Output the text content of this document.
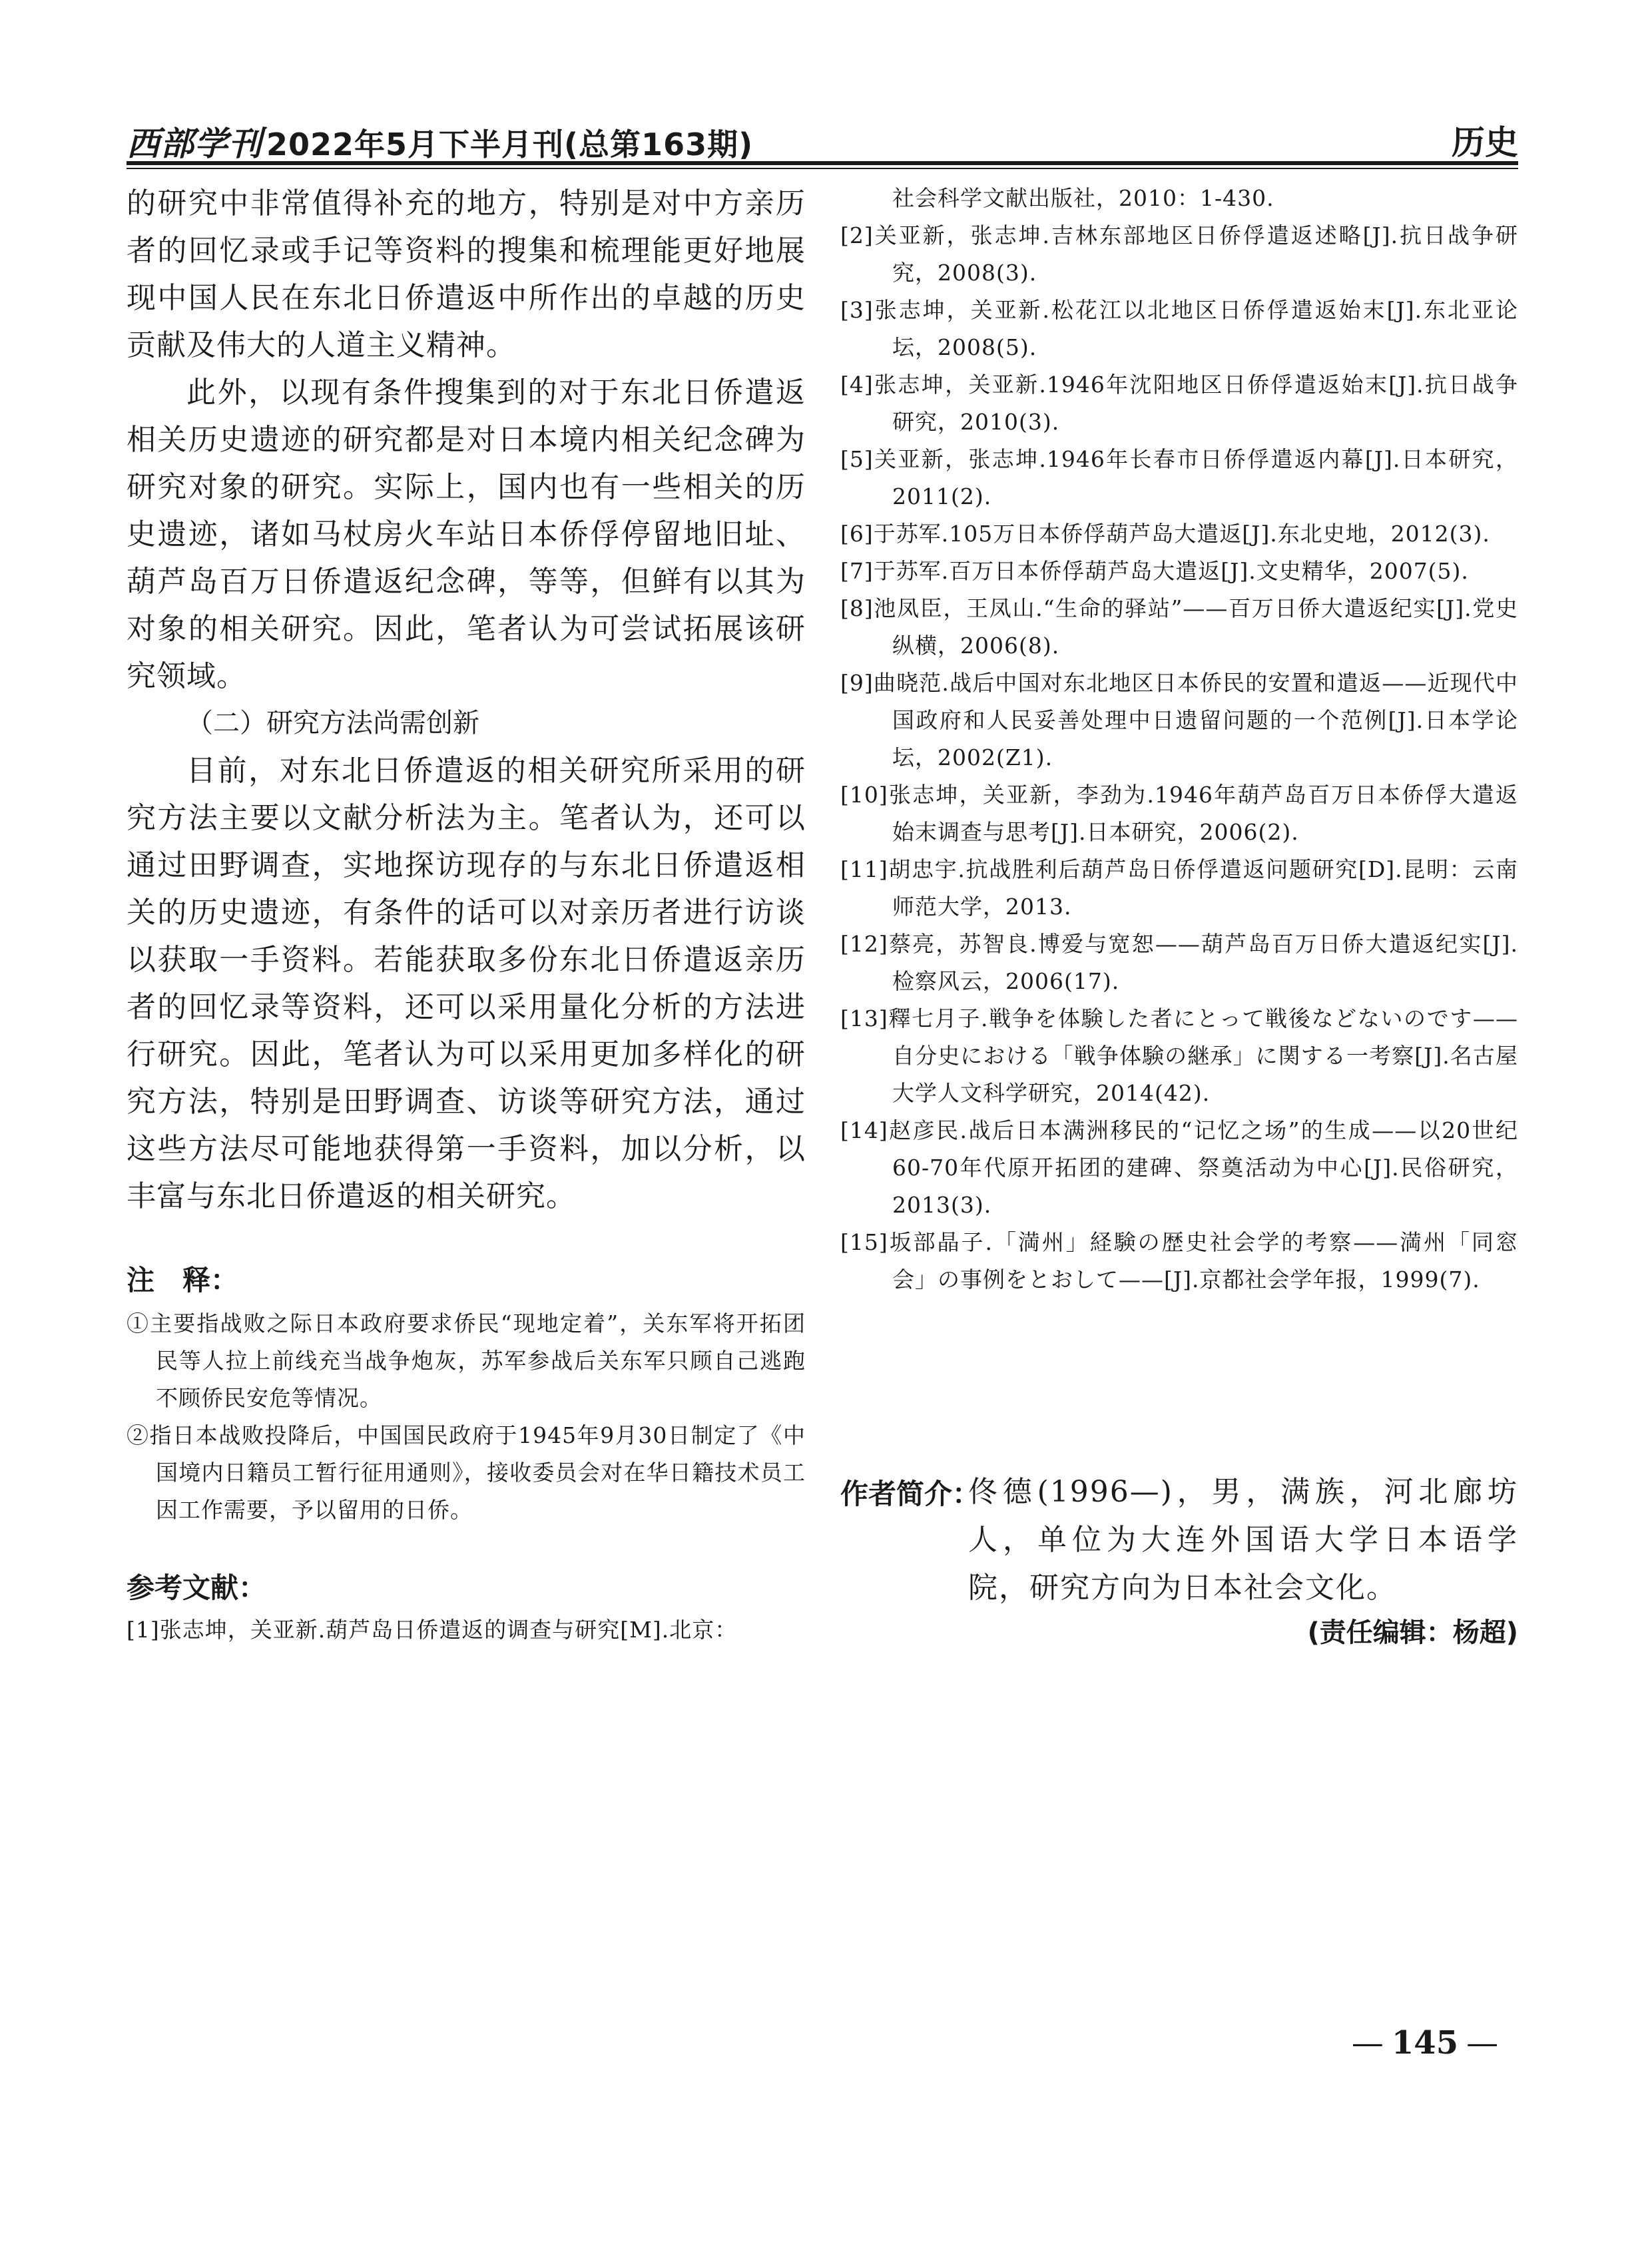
西部学刊 2022年5月下半月刊(总第163期)	历史

的研究中非常值得补充的地方，特别是对中方亲历者的回忆录或手记等资料的搜集和梳理能更好地展现中国人民在东北日侨遣返中所作出的卓越的历史贡献及伟大的人道主义精神。

此外，以现有条件搜集到的对于东北日侨遣返相关历史遗迹的研究都是对日本境内相关纪念碑为研究对象的研究。实际上，国内也有一些相关的历史遗迹，诸如马杖房火车站日本侨俘停留地旧址、葫芦岛百万日侨遣返纪念碑，等等，但鲜有以其为对象的相关研究。因此，笔者认为可尝试拓展该研究领域。

（二）研究方法尚需创新

目前，对东北日侨遣返的相关研究所采用的研究方法主要以文献分析法为主。笔者认为，还可以通过田野调查，实地探访现存的与东北日侨遣返相关的历史遗迹，有条件的话可以对亲历者进行访谈以获取一手资料。若能获取多份东北日侨遣返亲历者的回忆录等资料，还可以采用量化分析的方法进行研究。因此，笔者认为可以采用更加多样化的研究方法，特别是田野调查、访谈等研究方法，通过这些方法尽可能地获得第一手资料，加以分析，以丰富与东北日侨遣返的相关研究。

注　释：

①主要指战败之际日本政府要求侨民“现地定着”，关东军将开拓团民等人拉上前线充当战争炮灰，苏军参战后关东军只顾自己逃跑不顾侨民安危等情况。

②指日本战败投降后，中国国民政府于1945年9月30日制定了《中国境内日籍员工暂行征用通则》，接收委员会对在华日籍技术员工因工作需要，予以留用的日侨。

参考文献：

[1]张志坤，关亚新.葫芦岛日侨遣返的调查与研究[M].北京：

社会科学文献出版社，2010：1-430.

[2]关亚新，张志坤.吉林东部地区日侨俘遣返述略[J].抗日战争研究，2008(3).

[3]张志坤，关亚新.松花江以北地区日侨俘遣返始末[J].东北亚论坛，2008(5).

[4]张志坤，关亚新.1946年沈阳地区日侨俘遣返始末[J].抗日战争研究，2010(3).

[5]关亚新，张志坤.1946年长春市日侨俘遣返内幕[J].日本研究，2011(2).

[6]于苏军.105万日本侨俘葫芦岛大遣返[J].东北史地，2012(3).

[7]于苏军.百万日本侨俘葫芦岛大遣返[J].文史精华，2007(5).

[8]池凤臣，王凤山.“生命的驿站”——百万日侨大遣返纪实[J].党史纵横，2006(8).

[9]曲晓范.战后中国对东北地区日本侨民的安置和遣返——近现代中国政府和人民妥善处理中日遗留问题的一个范例[J].日本学论坛，2002(Z1).

[10]张志坤，关亚新，李劲为.1946年葫芦岛百万日本侨俘大遣返始末调查与思考[J].日本研究，2006(2).

[11]胡忠宇.抗战胜利后葫芦岛日侨俘遣返问题研究[D].昆明：云南师范大学，2013.

[12]蔡亮，苏智良.博爱与宽恕——葫芦岛百万日侨大遣返纪实[J].检察风云，2006(17).

[13]釋七月子.戦争を体験した者にとって戦後などないのです——自分史における「戦争体験の継承」に関する一考察[J].名古屋大学人文科学研究，2014(42).

[14]赵彦民.战后日本满洲移民的“记忆之场”的生成——以20世纪60-70年代原开拓团的建碑、祭奠活动为中心[J].民俗研究，2013(3).

[15]坂部晶子.「満州」経験の歴史社会学的考察——満州「同窓会」の事例をとおして——[J].京都社会学年报，1999(7).

作者简介：
佟德(1996—)，男，满族，河北廊坊人，单位为大连外国语大学日本语学院，研究方向为日本社会文化。
(责任编辑：杨超)
— 145 —
